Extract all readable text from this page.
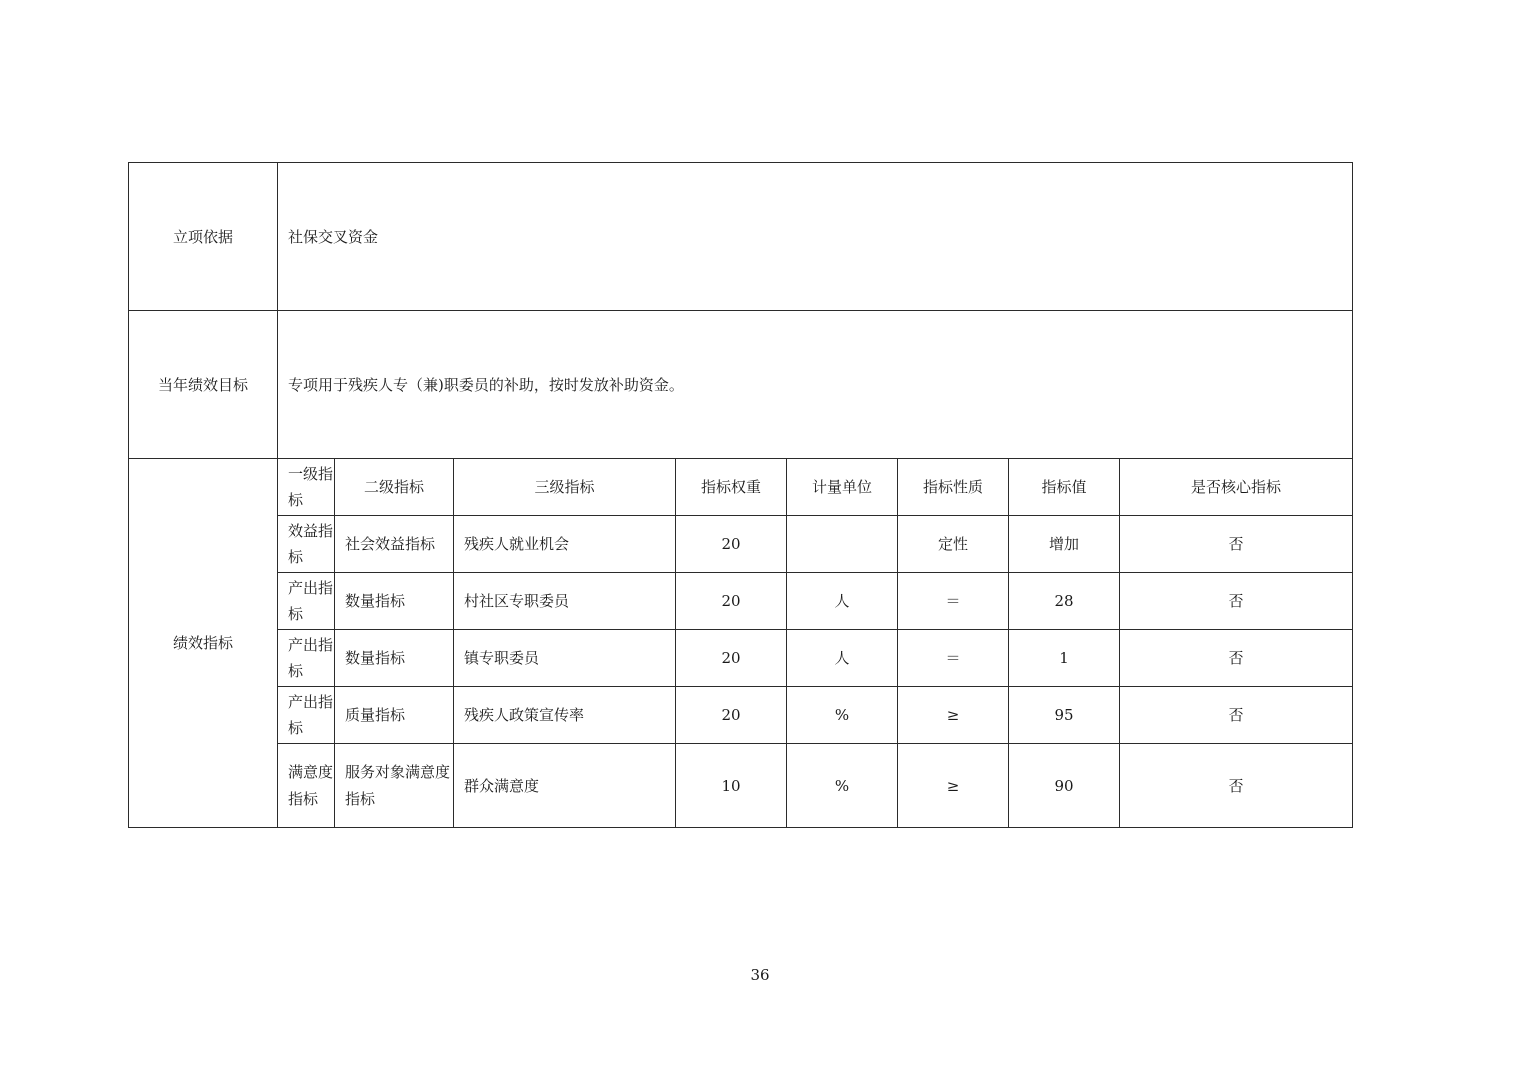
立项依据	社保交叉资金							
当年绩效目标	专项用于残疾人专（兼)职委员的补助，按时发放补助资金。							
绩效指标	一级指标	二级指标	三级指标	指标权重	计量单位	指标性质	指标值	是否核心指标
	效益指标	社会效益指标	残疾人就业机会	20		定性	增加	否
	产出指标	数量指标	村社区专职委员	20	人	＝	28	否
	产出指标	数量指标	镇专职委员	20	人	＝	1	否
	产出指标	质量指标	残疾人政策宣传率	20	%	≥	95	否
	满意度指标	服务对象满意度指标	群众满意度	10	%	≥	90	否
36
